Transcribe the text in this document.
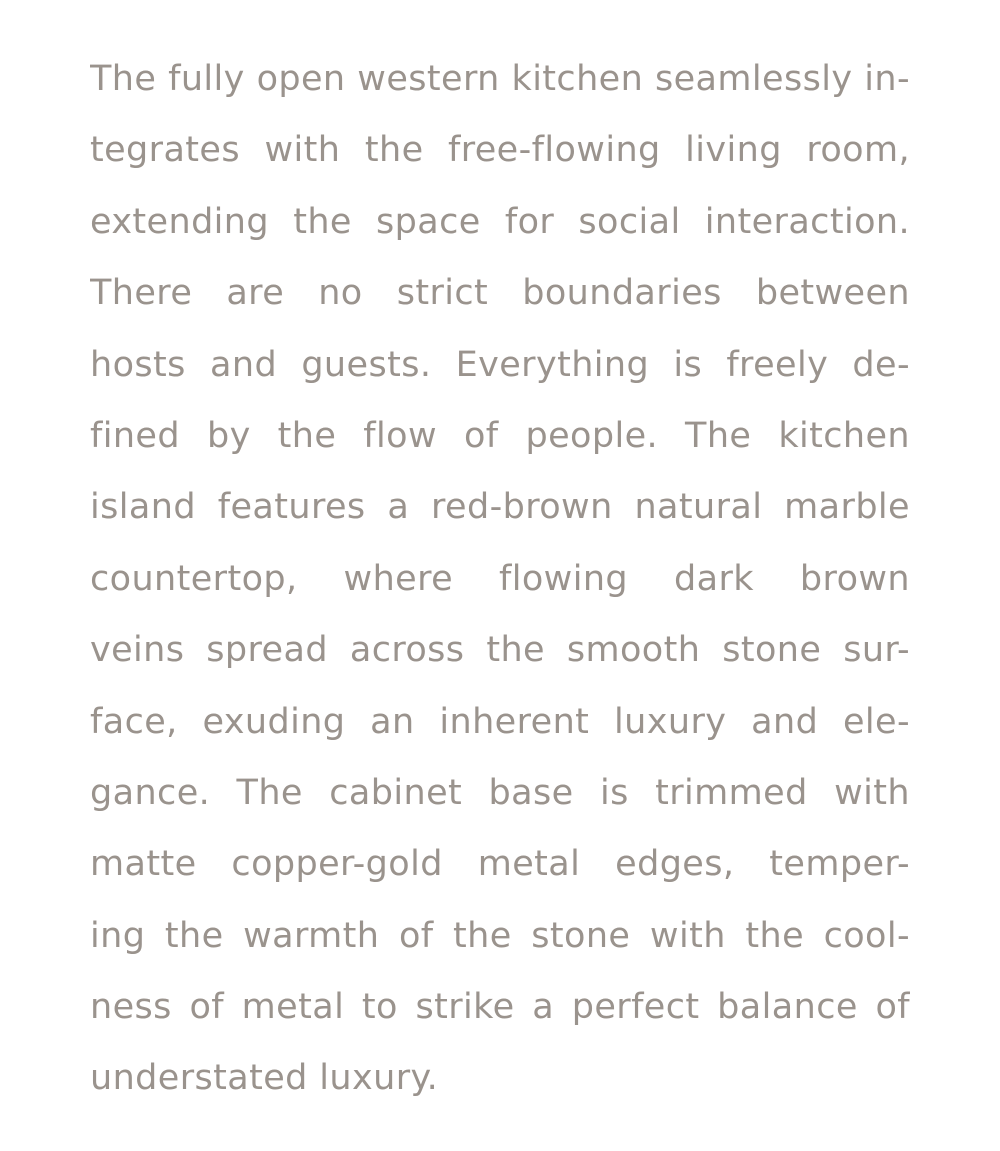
The fully open western kitchen seamlessly in-
tegrates with the free-flowing living room,
extending the space for social interaction.
There are no strict boundaries between
hosts and guests. Everything is freely de-
fined by the flow of people. The kitchen
island features a red-brown natural marble
countertop, where flowing dark brown
veins spread across the smooth stone sur-
face, exuding an inherent luxury and ele-
gance. The cabinet base is trimmed with
matte copper-gold metal edges, temper-
ing the warmth of the stone with the cool-
ness of metal to strike a perfect balance of
understated luxury.
